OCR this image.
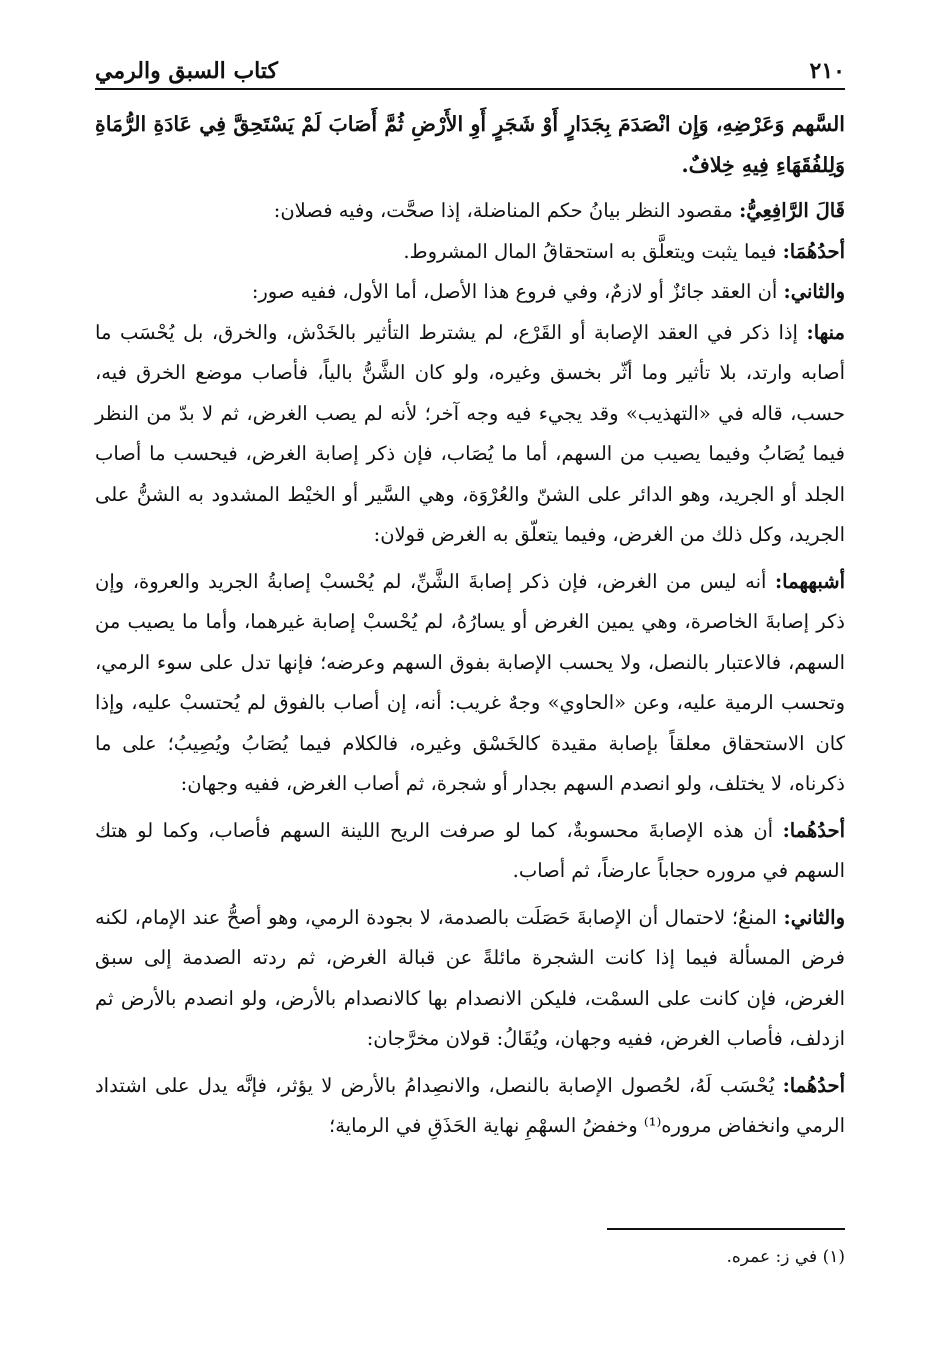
٢١٠
كتاب السبق والرمي

السَّهم وَعَرْضِهِ، وَإِن انْصَدَمَ بِجَدَارٍ أَوْ شَجَرٍ أَوِ الأَرْضِ ثُمَّ أَصَابَ لَمْ يَسْتَحِقَّ فِي عَادَةِ الرُّمَاةِ وَلِلفُقَهَاءِ فِيهِ خِلافٌ.

قَالَ الرَّافِعِيُّ: مقصود النظر بيانُ حكم المناضلة، إذا صحَّت، وفيه فصلان:

أحدُهُمَا: فيما يثبت ويتعلَّق به استحقاقُ المال المشروط.

والثاني: أن العقد جائزٌ أو لازمٌ، وفي فروع هذا الأصل، أما الأول، ففيه صور:

منها: إذا ذكر في العقد الإصابة أو القَرْع، لم يشترط التأثير بالخَدْش، والخرق، بل يُحْسَب ما أصابه وارتد، بلا تأثير وما أثّر بخسق وغيره، ولو كان الشَّنُّ بالياً، فأصاب موضع الخرق فيه، حسب، قاله في «التهذيب» وقد يجيء فيه وجه آخر؛ لأنه لم يصب الغرض، ثم لا بدّ من النظر فيما يُصَابُ وفيما يصيب من السهم، أما ما يُصَاب، فإن ذكر إصابة الغرض، فيحسب ما أصاب الجلد أو الجريد، وهو الدائر على الشنّ والعُرْوَة، وهي السَّير أو الخيْط المشدود به الشنُّ على الجريد، وكل ذلك من الغرض، وفيما يتعلّق به الغرض قولان:

أشبههما: أنه ليس من الغرض، فإن ذكر إصابةَ الشَّنِّ، لم يُحْسبْ إصابةُ الجريد والعروة، وإن ذكر إصابةَ الخاصرة، وهي يمين الغرض أو يسارُهُ، لم يُحْسبْ إصابة غيرهما، وأما ما يصيب من السهم، فالاعتبار بالنصل، ولا يحسب الإصابة بفوق السهم وعرضه؛ فإنها تدل على سوء الرمي، وتحسب الرمية عليه، وعن «الحاوي» وجهٌ غريب: أنه، إن أصاب بالفوق لم يُحتسبْ عليه، وإذا كان الاستحقاق معلقاً بإصابة مقيدة كالخَسْق وغيره، فالكلام فيما يُصَابُ ويُصِيبُ؛ على ما ذكرناه، لا يختلف، ولو انصدم السهم بجدار أو شجرة، ثم أصاب الغرض، ففيه وجهان:

أحدُهُما: أن هذه الإصابةَ محسوبةٌ، كما لو صرفت الريح اللينة السهم فأصاب، وكما لو هتك السهم في مروره حجاباً عارضاً، ثم أصاب.

والثاني: المنعُ؛ لاحتمال أن الإصابةَ حَصَلَت بالصدمة، لا بجودة الرمي، وهو أصحُّ عند الإمام، لكنه فرض المسألة فيما إذا كانت الشجرة مائلةً عن قبالة الغرض، ثم ردته الصدمة إلى سبق الغرض، فإن كانت على السمْت، فليكن الانصدام بها كالانصدام بالأرض، ولو انصدم بالأرض ثم ازدلف، فأصاب الغرض، ففيه وجهان، ويُقَالُ: قولان مخرَّجان:

أحدُهُما: يُحْسَب لَهُ، لحُصول الإصابة بالنصل، والانصِدامُ بالأرض لا يؤثر، فإنَّه يدل على اشتداد الرمي وانخفاض مروره⁽¹⁾ وخفضُ السهْمِ نهاية الحَذَقِ في الرماية؛

(١) في ز: عمره.
